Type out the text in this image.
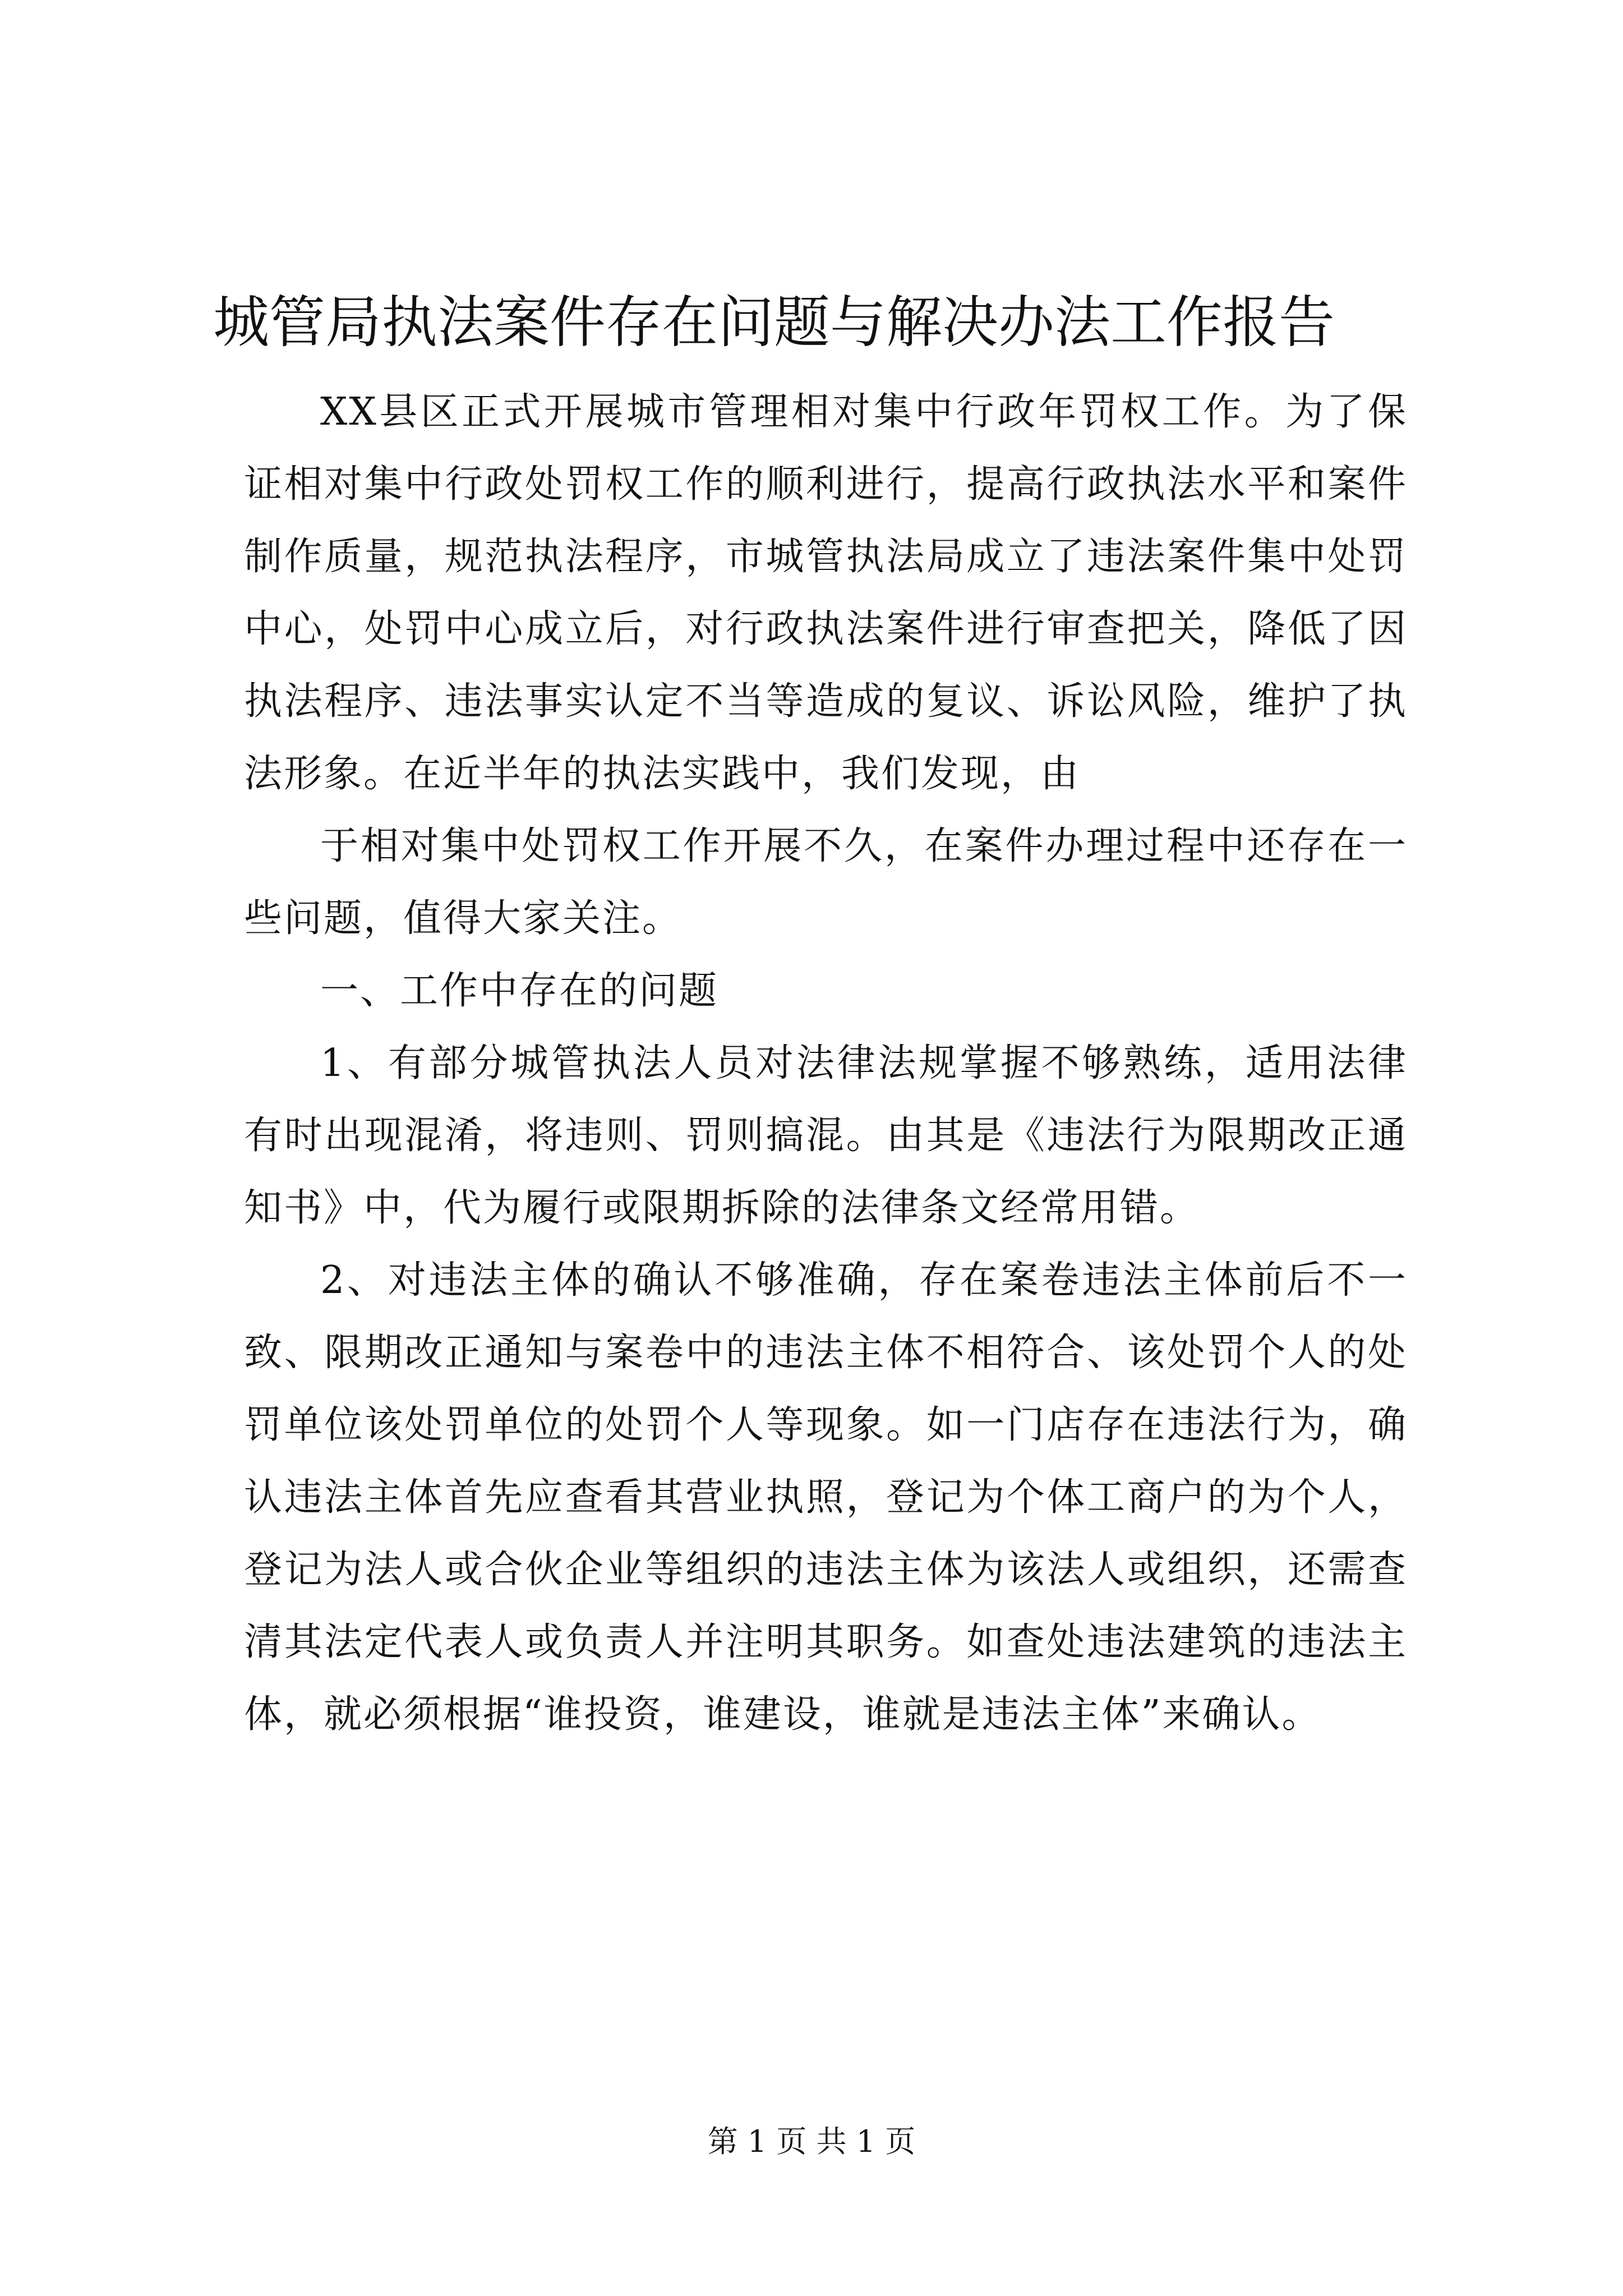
城管局执法案件存在问题与解决办法工作报告

XX县区正式开展城市管理相对集中行政年罚权工作。为了保证相对集中行政处罚权工作的顺利进行，提高行政执法水平和案件制作质量，规范执法程序，市城管执法局成立了违法案件集中处罚中心，处罚中心成立后，对行政执法案件进行审查把关，降低了因执法程序、违法事实认定不当等造成的复议、诉讼风险，维护了执法形象。在近半年的执法实践中，我们发现，由

于相对集中处罚权工作开展不久，在案件办理过程中还存在一些问题，值得大家关注。

一、工作中存在的问题

1、有部分城管执法人员对法律法规掌握不够熟练，适用法律有时出现混淆，将违则、罚则搞混。由其是《违法行为限期改正通知书》中，代为履行或限期拆除的法律条文经常用错。

2、对违法主体的确认不够准确，存在案卷违法主体前后不一致、限期改正通知与案卷中的违法主体不相符合、该处罚个人的处罚单位该处罚单位的处罚个人等现象。如一门店存在违法行为，确认违法主体首先应查看其营业执照，登记为个体工商户的为个人，登记为法人或合伙企业等组织的违法主体为该法人或组织，还需查清其法定代表人或负责人并注明其职务。如查处违法建筑的违法主体，就必须根据“谁投资，谁建设，谁就是违法主体”来确认。

第 1 页 共 1 页
